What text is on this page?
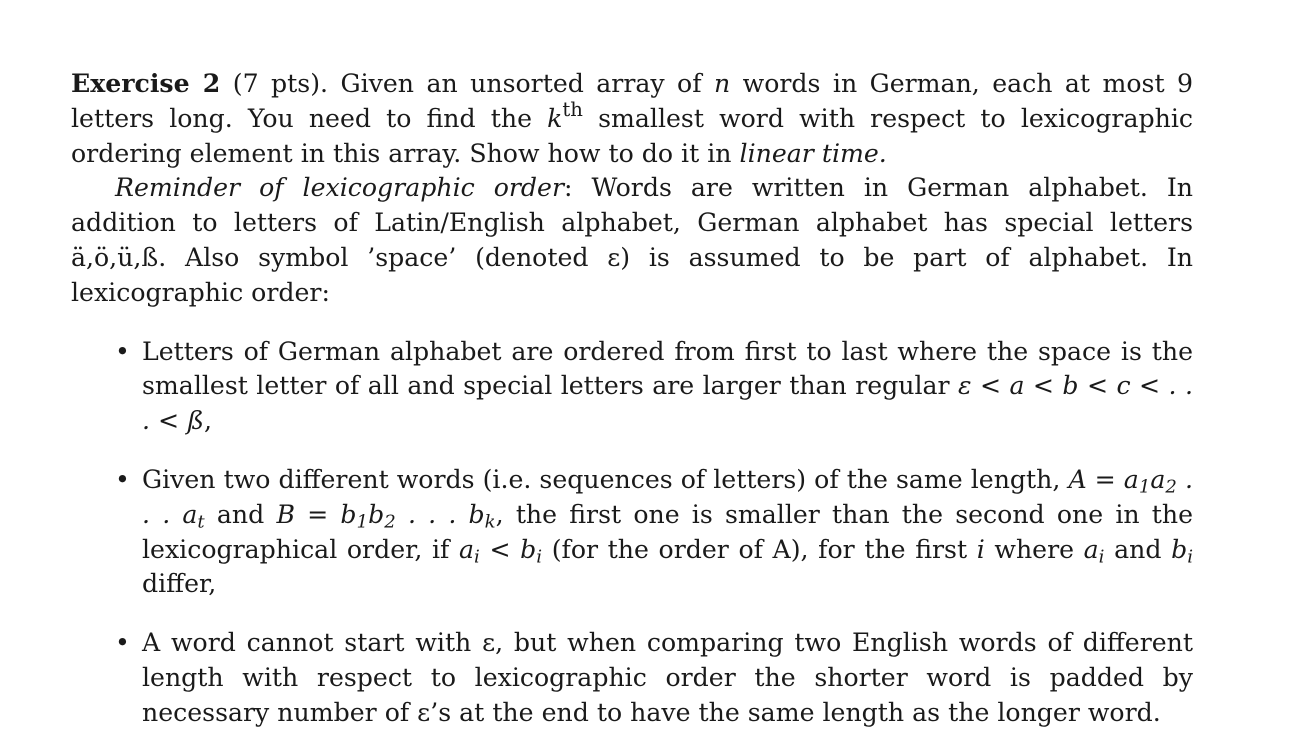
Exercise 2 (7 pts). Given an unsorted array of n words in German, each at most 9 letters long. You need to find the $k^{th}$ smallest word with respect to lexicographic ordering element in this array. Show how to do it in linear time.

Reminder of lexicographic order: Words are written in German alphabet. In addition to letters of Latin/English alphabet, German alphabet has special letters ä,ö,ü,ß. Also symbol ’space’ (denoted ε) is assumed to be part of alphabet. In lexicographic order:

• Letters of German alphabet are ordered from first to last where the space is the smallest letter of all and special letters are larger than regular ε < a < b < c < . . . < ß,
• Given two different words (i.e. sequences of letters) of the same length, $A = a_1a_2$ . . . $a_t$ and $B = b_1b_2$ . . . $b_k$, the first one is smaller than the second one in the lexicographical order, if $a_i < b_i$ (for the order of A), for the first i where $a_i$ and $b_i$ differ,
• A word cannot start with ε, but when comparing two English words of different length with respect to lexicographic order the shorter word is padded by necessary number of ε’s at the end to have the same length as the longer word.
